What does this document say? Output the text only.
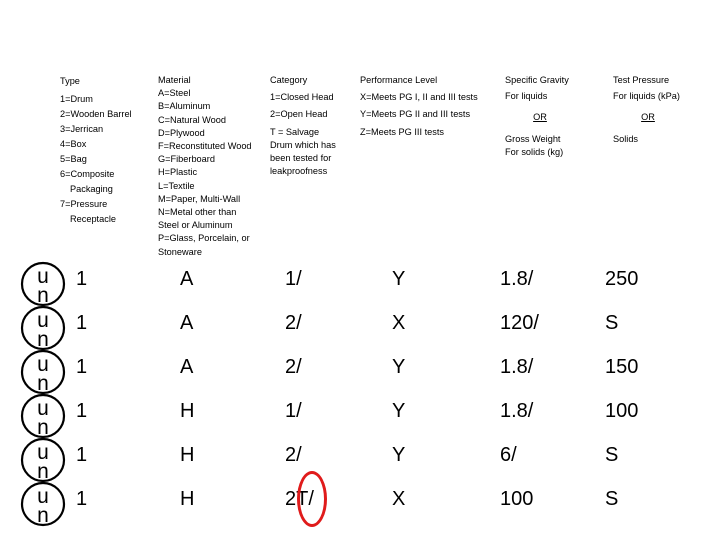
Type
1=Drum
2=Wooden Barrel
3=Jerrican
4=Box
5=Bag
6=Composite
Packaging
7=Pressure
Receptacle
Material
A=Steel
B=Aluminum
C=Natural Wood
D=Plywood
F=Reconstituted Wood
G=Fiberboard
H=Plastic
L=Textile
M=Paper, Multi-Wall
N=Metal other than
Steel or Aluminum
P=Glass, Porcelain, or
Stoneware
Category
1=Closed Head
2=Open Head
T = Salvage
Drum which has
been tested for
leakproofness
Performance Level
X=Meets PG I, II and III tests
Y=Meets PG II and III tests
Z=Meets PG III tests
Specific Gravity
For liquids
OR
Gross Weight
For solids (kg)
Test Pressure
For liquids (kPa)
OR
Solids
u
n
1	A	1/	Y	1.8/	250
u
n
1	A	2/	X	120/	S
u
n
1	A	2/	Y	1.8/	150
u
n
1	H	1/	Y	1.8/	100
u
n
1	H	2/	Y	6/	S
u
n
1	H	2T/	X	100	S
